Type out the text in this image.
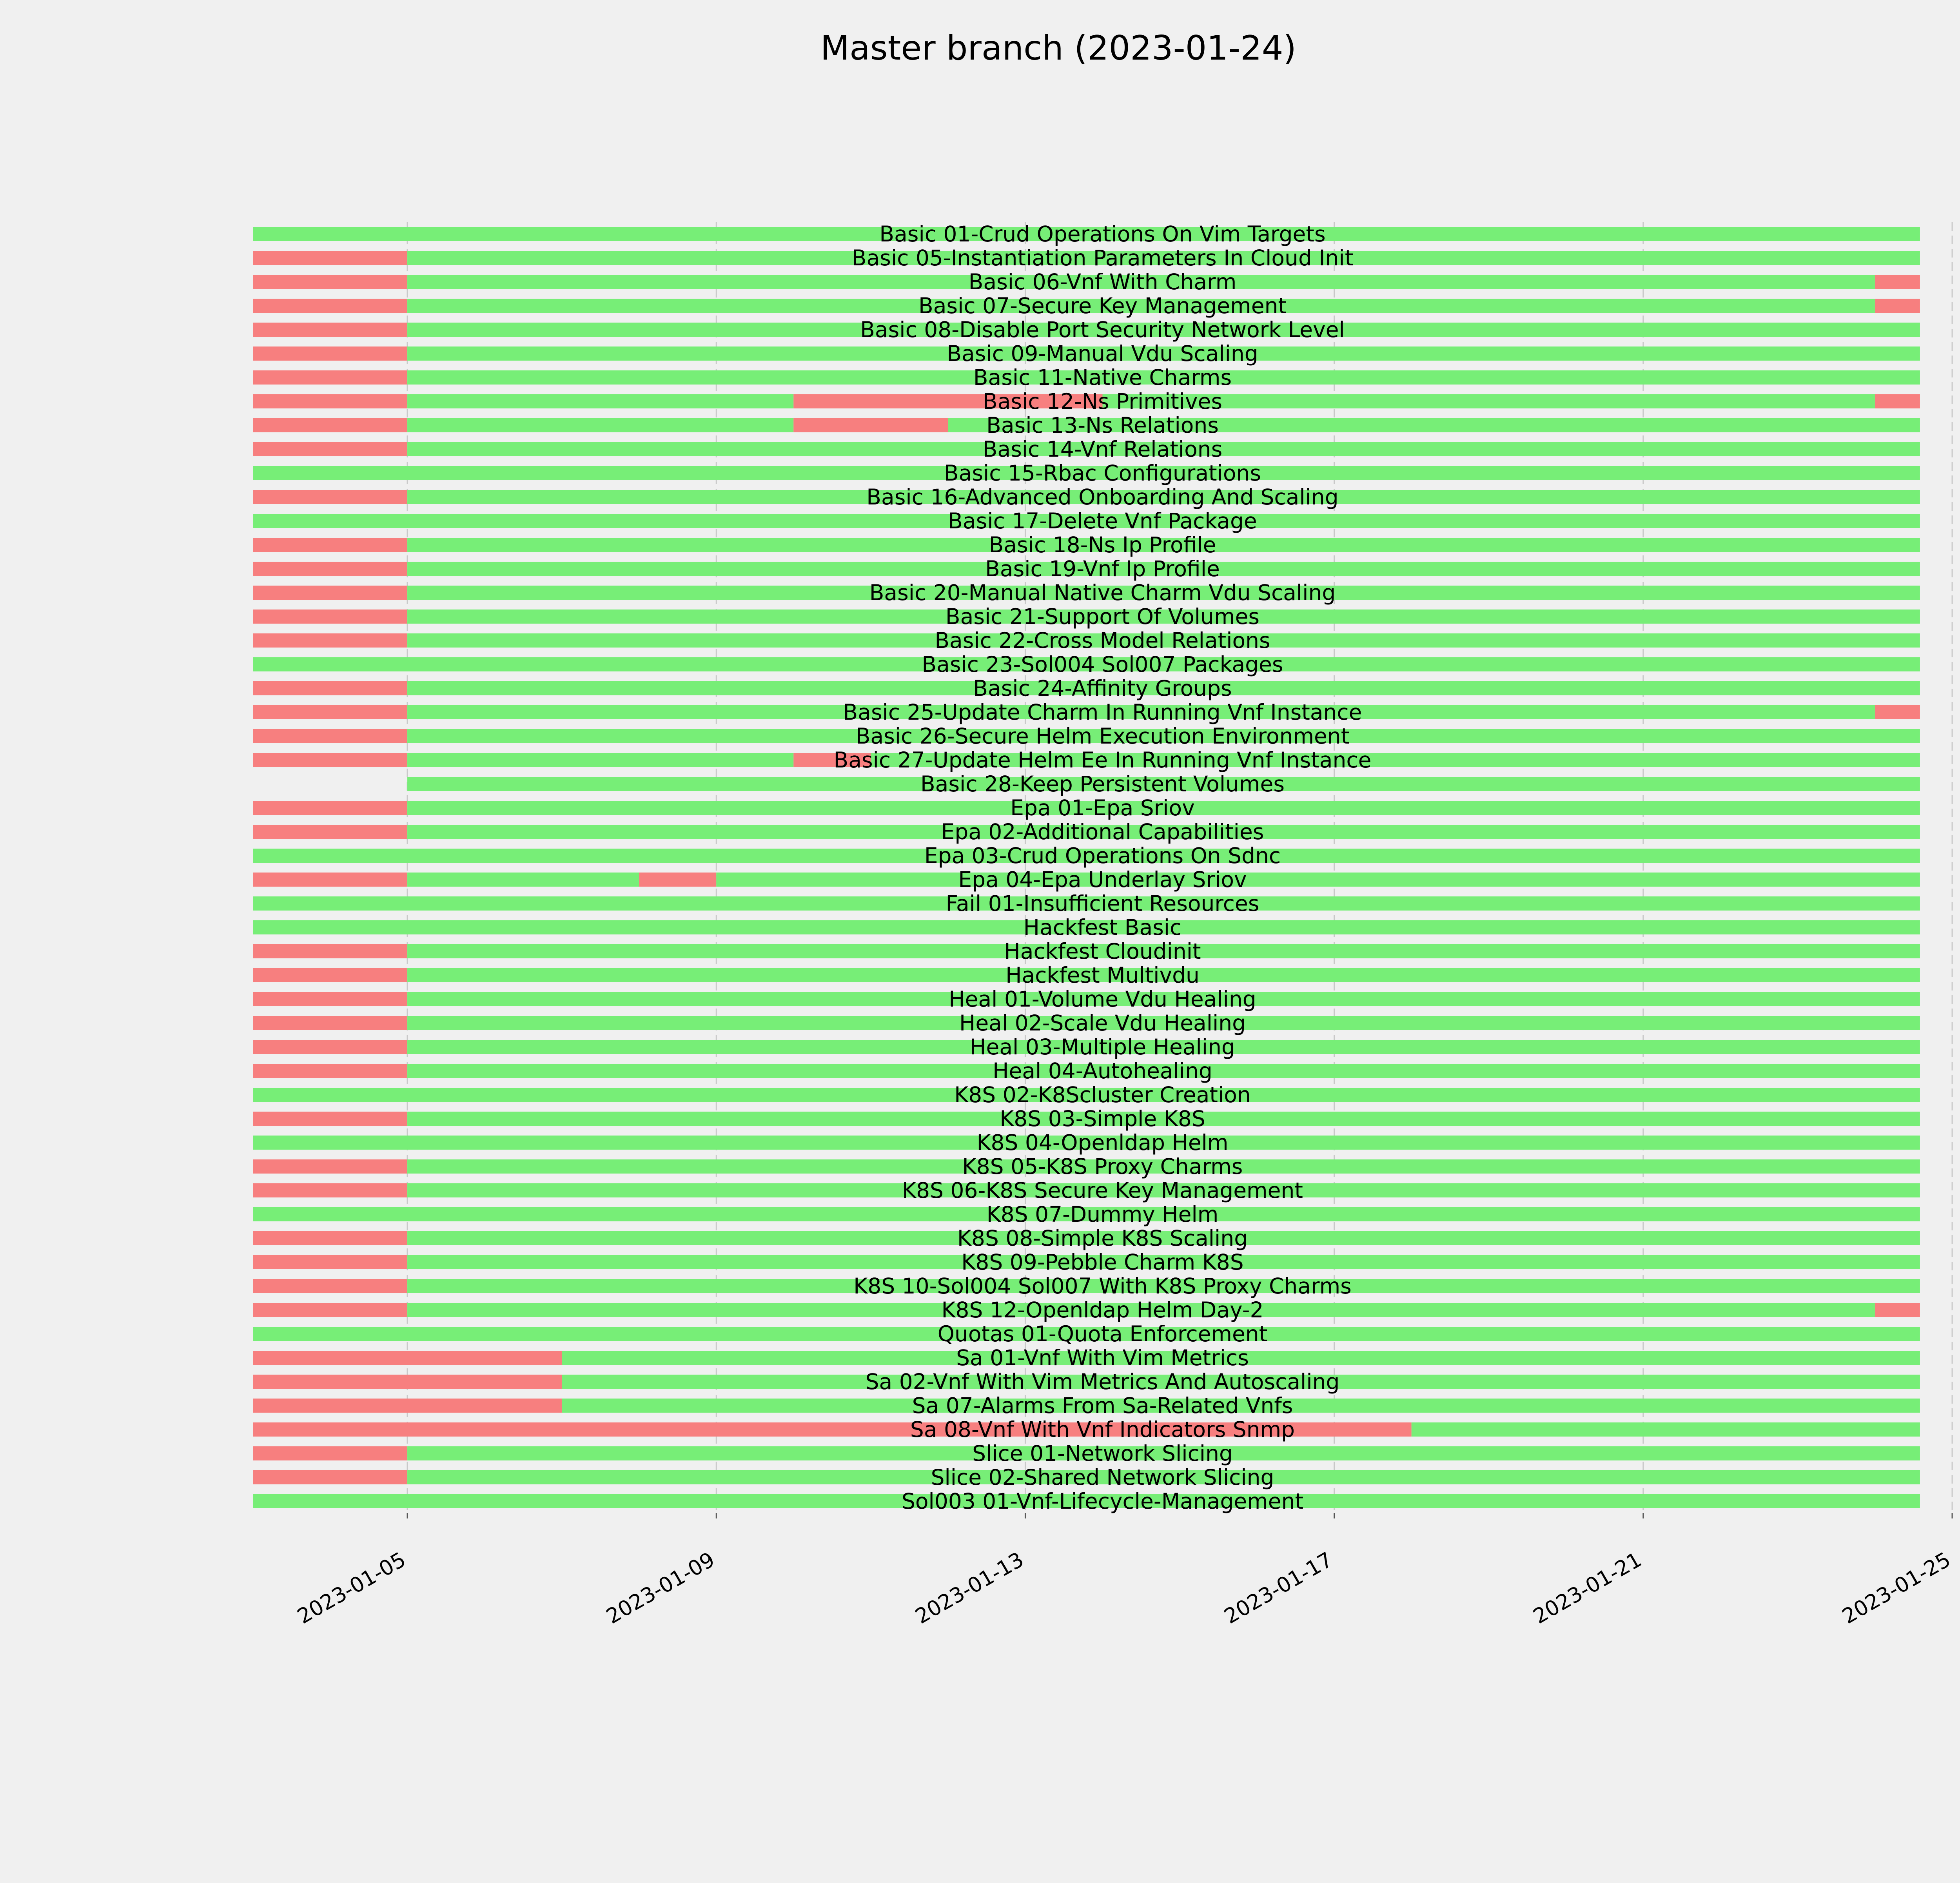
Master branch (2023-01-24)
Basic 01-Crud Operations On Vim Targets
Basic 05-Instantiation Parameters In Cloud Init
Basic 06-Vnf With Charm
Basic 07-Secure Key Management
Basic 08-Disable Port Security Network Level
Basic 09-Manual Vdu Scaling
Basic 11-Native Charms
Basic 12-Ns Primitives
Basic 13-Ns Relations
Basic 14-Vnf Relations
Basic 15-Rbac Configurations
Basic 16-Advanced Onboarding And Scaling
Basic 17-Delete Vnf Package
Basic 18-Ns Ip Profile
Basic 19-Vnf Ip Profile
Basic 20-Manual Native Charm Vdu Scaling
Basic 21-Support Of Volumes
Basic 22-Cross Model Relations
Basic 23-Sol004 Sol007 Packages
Basic 24-Affinity Groups
Basic 25-Update Charm In Running Vnf Instance
Basic 26-Secure Helm Execution Environment
Basic 27-Update Helm Ee In Running Vnf Instance
Basic 28-Keep Persistent Volumes
Epa 01-Epa Sriov
Epa 02-Additional Capabilities
Epa 03-Crud Operations On Sdnc
Epa 04-Epa Underlay Sriov
Fail 01-Insufficient Resources
Hackfest Basic
Hackfest Cloudinit
Hackfest Multivdu
Heal 01-Volume Vdu Healing
Heal 02-Scale Vdu Healing
Heal 03-Multiple Healing
Heal 04-Autohealing
K8S 02-K8Scluster Creation
K8S 03-Simple K8S
K8S 04-Openldap Helm
K8S 05-K8S Proxy Charms
K8S 06-K8S Secure Key Management
K8S 07-Dummy Helm
K8S 08-Simple K8S Scaling
K8S 09-Pebble Charm K8S
K8S 10-Sol004 Sol007 With K8S Proxy Charms
K8S 12-Openldap Helm Day-2
Quotas 01-Quota Enforcement
Sa 01-Vnf With Vim Metrics
Sa 02-Vnf With Vim Metrics And Autoscaling
Sa 07-Alarms From Sa-Related Vnfs
Sa 08-Vnf With Vnf Indicators Snmp
Slice 01-Network Slicing
Slice 02-Shared Network Slicing
Sol003 01-Vnf-Lifecycle-Management
2023-01-05	2023-01-09	2023-01-13	2023-01-17	2023-01-21	2023-01-25
